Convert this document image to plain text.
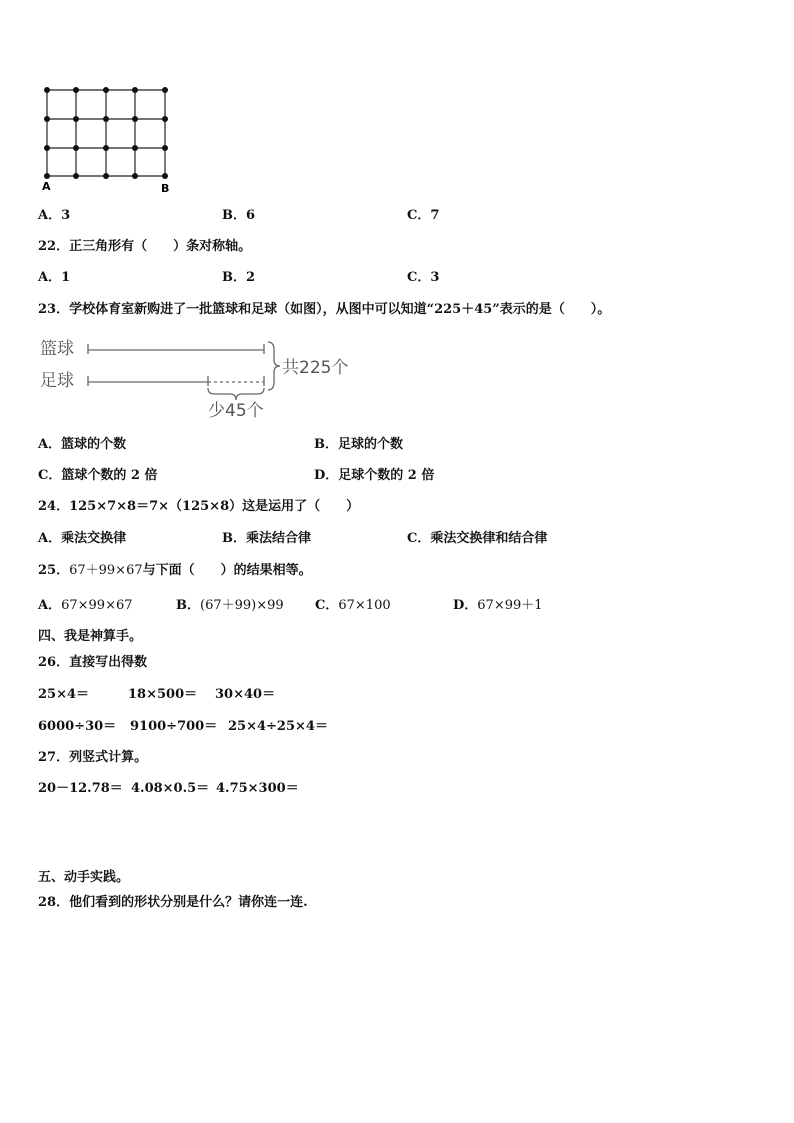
A	B
A．3	B．6	C．7
22．正三角形有（　　）条对称轴。
A．1	B．2	C．3
23．学校体育室新购进了一批篮球和足球（如图），从图中可以知道“225＋45”表示的是（　　）。
篮球
足球
共225个
少45个
A．篮球的个数	B．足球的个数
C．篮球个数的 2 倍	D．足球个数的 2 倍
24．125×7×8＝7×（125×8）这是运用了（　　）
A．乘法交换律	B．乘法结合律	C．乘法交换律和结合律
25．67＋99×67与下面（　　）的结果相等。
A．67×99×67	B．(67＋99)×99 C．67×100	D．67×99＋1
四、我是神算手。
26．直接写出得数
25×4＝	18×500＝ 30×40＝
6000÷30＝ 9100÷700＝ 25×4÷25×4＝
27．列竖式计算。
20－12.78＝ 4.08×0.5＝ 4.75×300＝
五、动手实践。
28．他们看到的形状分别是什么？请你连一连.
